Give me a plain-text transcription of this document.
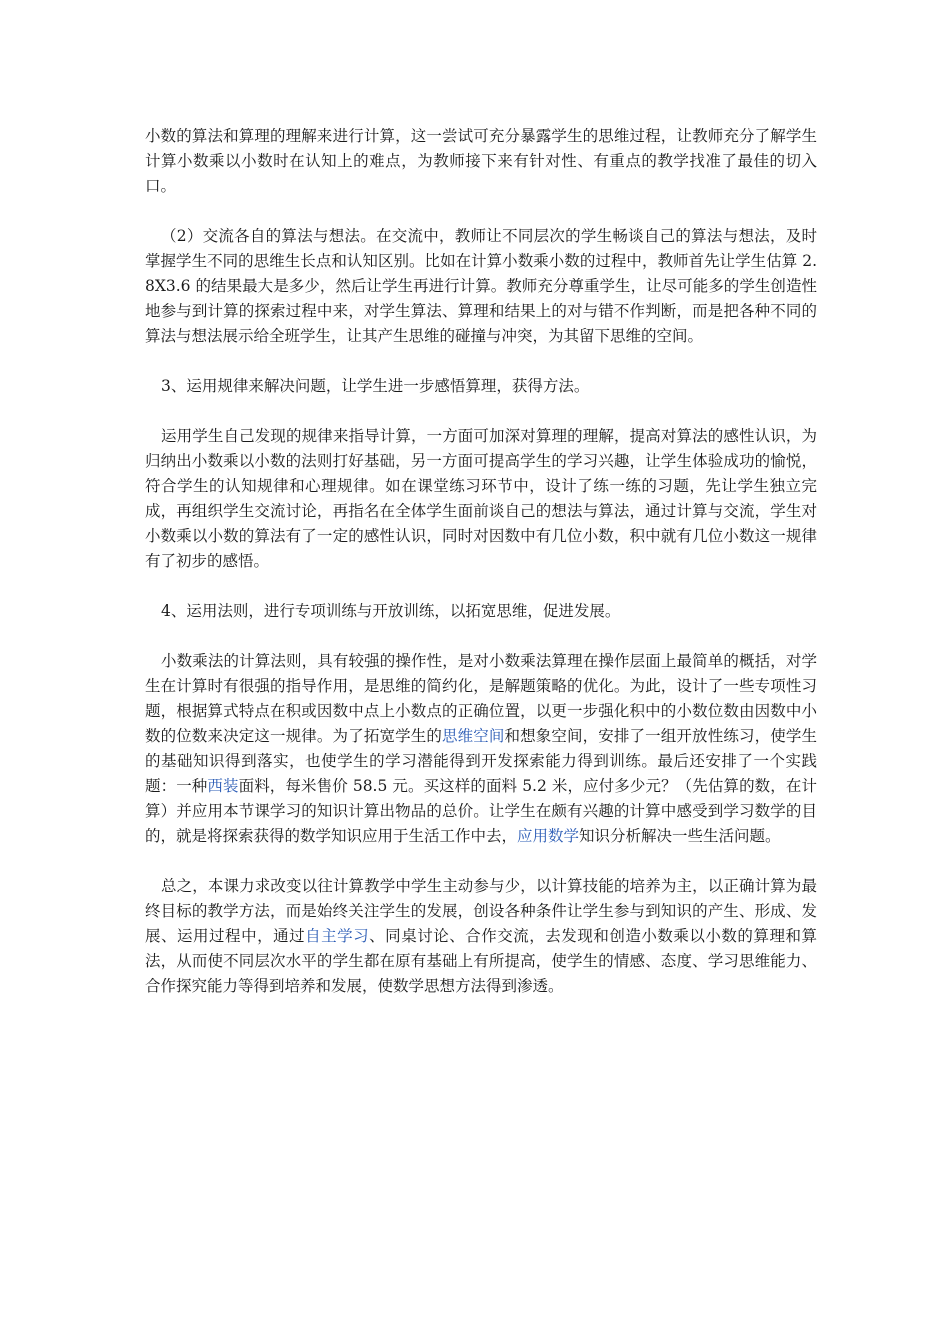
小数的算法和算理的理解来进行计算，这一尝试可充分暴露学生的思维过程，让教师充分了解学生计算小数乘以小数时在认知上的难点，为教师接下来有针对性、有重点的教学找准了最佳的切入口。

（2）交流各自的算法与想法。在交流中，教师让不同层次的学生畅谈自己的算法与想法，及时掌握学生不同的思维生长点和认知区别。比如在计算小数乘小数的过程中，教师首先让学生估算 2.8X3.6 的结果最大是多少，然后让学生再进行计算。教师充分尊重学生，让尽可能多的学生创造性地参与到计算的探索过程中来，对学生算法、算理和结果上的对与错不作判断，而是把各种不同的算法与想法展示给全班学生，让其产生思维的碰撞与冲突，为其留下思维的空间。

3、运用规律来解决问题，让学生进一步感悟算理，获得方法。

运用学生自己发现的规律来指导计算，一方面可加深对算理的理解，提高对算法的感性认识，为归纳出小数乘以小数的法则打好基础，另一方面可提高学生的学习兴趣，让学生体验成功的愉悦，符合学生的认知规律和心理规律。如在课堂练习环节中，设计了练一练的习题，先让学生独立完成，再组织学生交流讨论，再指名在全体学生面前谈自己的想法与算法，通过计算与交流，学生对小数乘以小数的算法有了一定的感性认识，同时对因数中有几位小数，积中就有几位小数这一规律有了初步的感悟。

4、运用法则，进行专项训练与开放训练，以拓宽思维，促进发展。

小数乘法的计算法则，具有较强的操作性，是对小数乘法算理在操作层面上最简单的概括，对学生在计算时有很强的指导作用，是思维的简约化，是解题策略的优化。为此，设计了一些专项性习题，根据算式特点在积或因数中点上小数点的正确位置，以更一步强化积中的小数位数由因数中小数的位数来决定这一规律。为了拓宽学生的思维空间和想象空间，安排了一组开放性练习，使学生的基础知识得到落实，也使学生的学习潜能得到开发探索能力得到训练。最后还安排了一个实践题：一种西装面料，每米售价 58.5 元。买这样的面料 5.2 米，应付多少元？（先估算的数，在计算）并应用本节课学习的知识计算出物品的总价。让学生在颇有兴趣的计算中感受到学习数学的目的，就是将探索获得的数学知识应用于生活工作中去，应用数学知识分析解决一些生活问题。

总之，本课力求改变以往计算教学中学生主动参与少，以计算技能的培养为主，以正确计算为最终目标的教学方法，而是始终关注学生的发展，创设各种条件让学生参与到知识的产生、形成、发展、运用过程中，通过自主学习、同桌讨论、合作交流，去发现和创造小数乘以小数的算理和算法，从而使不同层次水平的学生都在原有基础上有所提高，使学生的情感、态度、学习思维能力、合作探究能力等得到培养和发展，使数学思想方法得到渗透。
